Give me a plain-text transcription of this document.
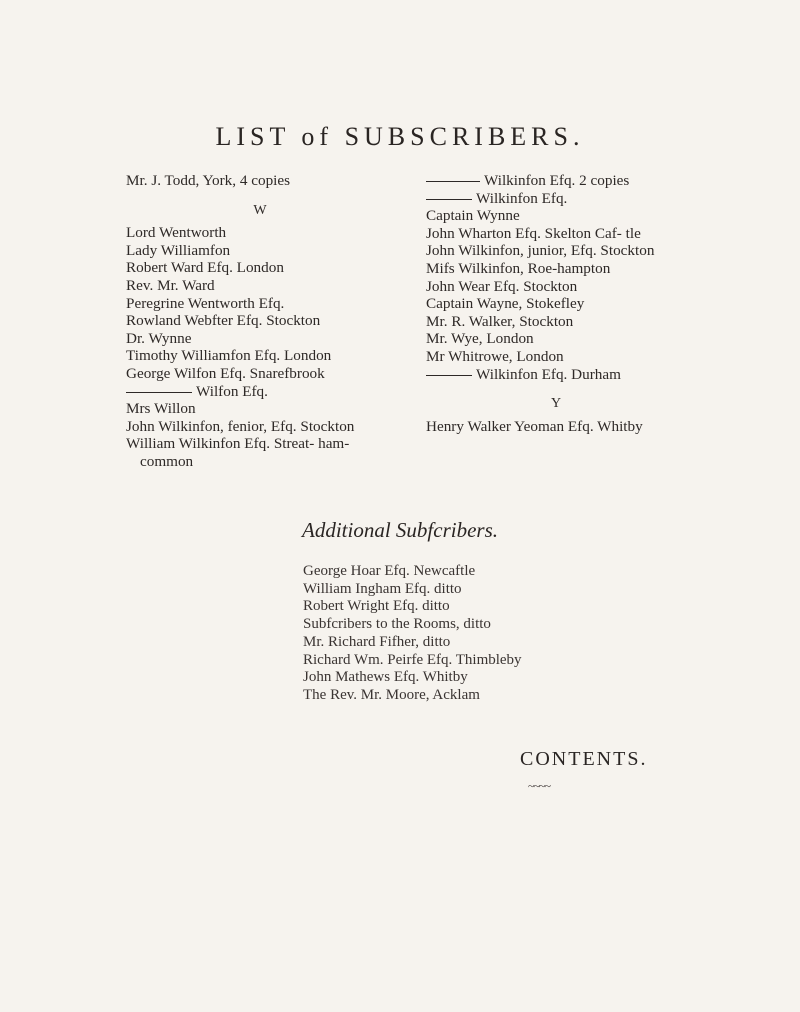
LIST of SUBSCRIBERS.
Mr. J. Todd, York, 4 copies
W
Lord Wentworth
Lady Williamfon
Robert Ward Efq. London
Rev. Mr. Ward
Peregrine Wentworth Efq.
Rowland Webfter Efq. Stockton
Dr. Wynne
Timothy Williamfon Efq. London
George Wilfon Efq. Snarefbrook
Wilfon Efq.
Mrs Willon
John Wilkinfon, fenior, Efq. Stockton
William Wilkinfon Efq. Streat- ham-common
Wilkinfon Efq. 2 copies
Wilkinfon Efq.
Captain Wynne
John Wharton Efq. Skelton Caf- tle
John Wilkinfon, junior, Efq. Stockton
Mifs Wilkinfon, Roe-hampton
John Wear Efq. Stockton
Captain Wayne, Stokefley
Mr. R. Walker, Stockton
Mr. Wye, London
Mr Whitrowe, London
Wilkinfon Efq. Durham
Y
Henry Walker Yeoman Efq. Whitby
Additional Subfcribers.
George Hoar Efq. Newcaftle
William Ingham Efq. ditto
Robert Wright Efq. ditto
Subfcribers to the Rooms, ditto
Mr. Richard Fifher, ditto
Richard Wm. Peirfe Efq. Thimbleby
John Mathews Efq. Whitby
The Rev. Mr. Moore, Acklam
CONTENTS.
~~~~
